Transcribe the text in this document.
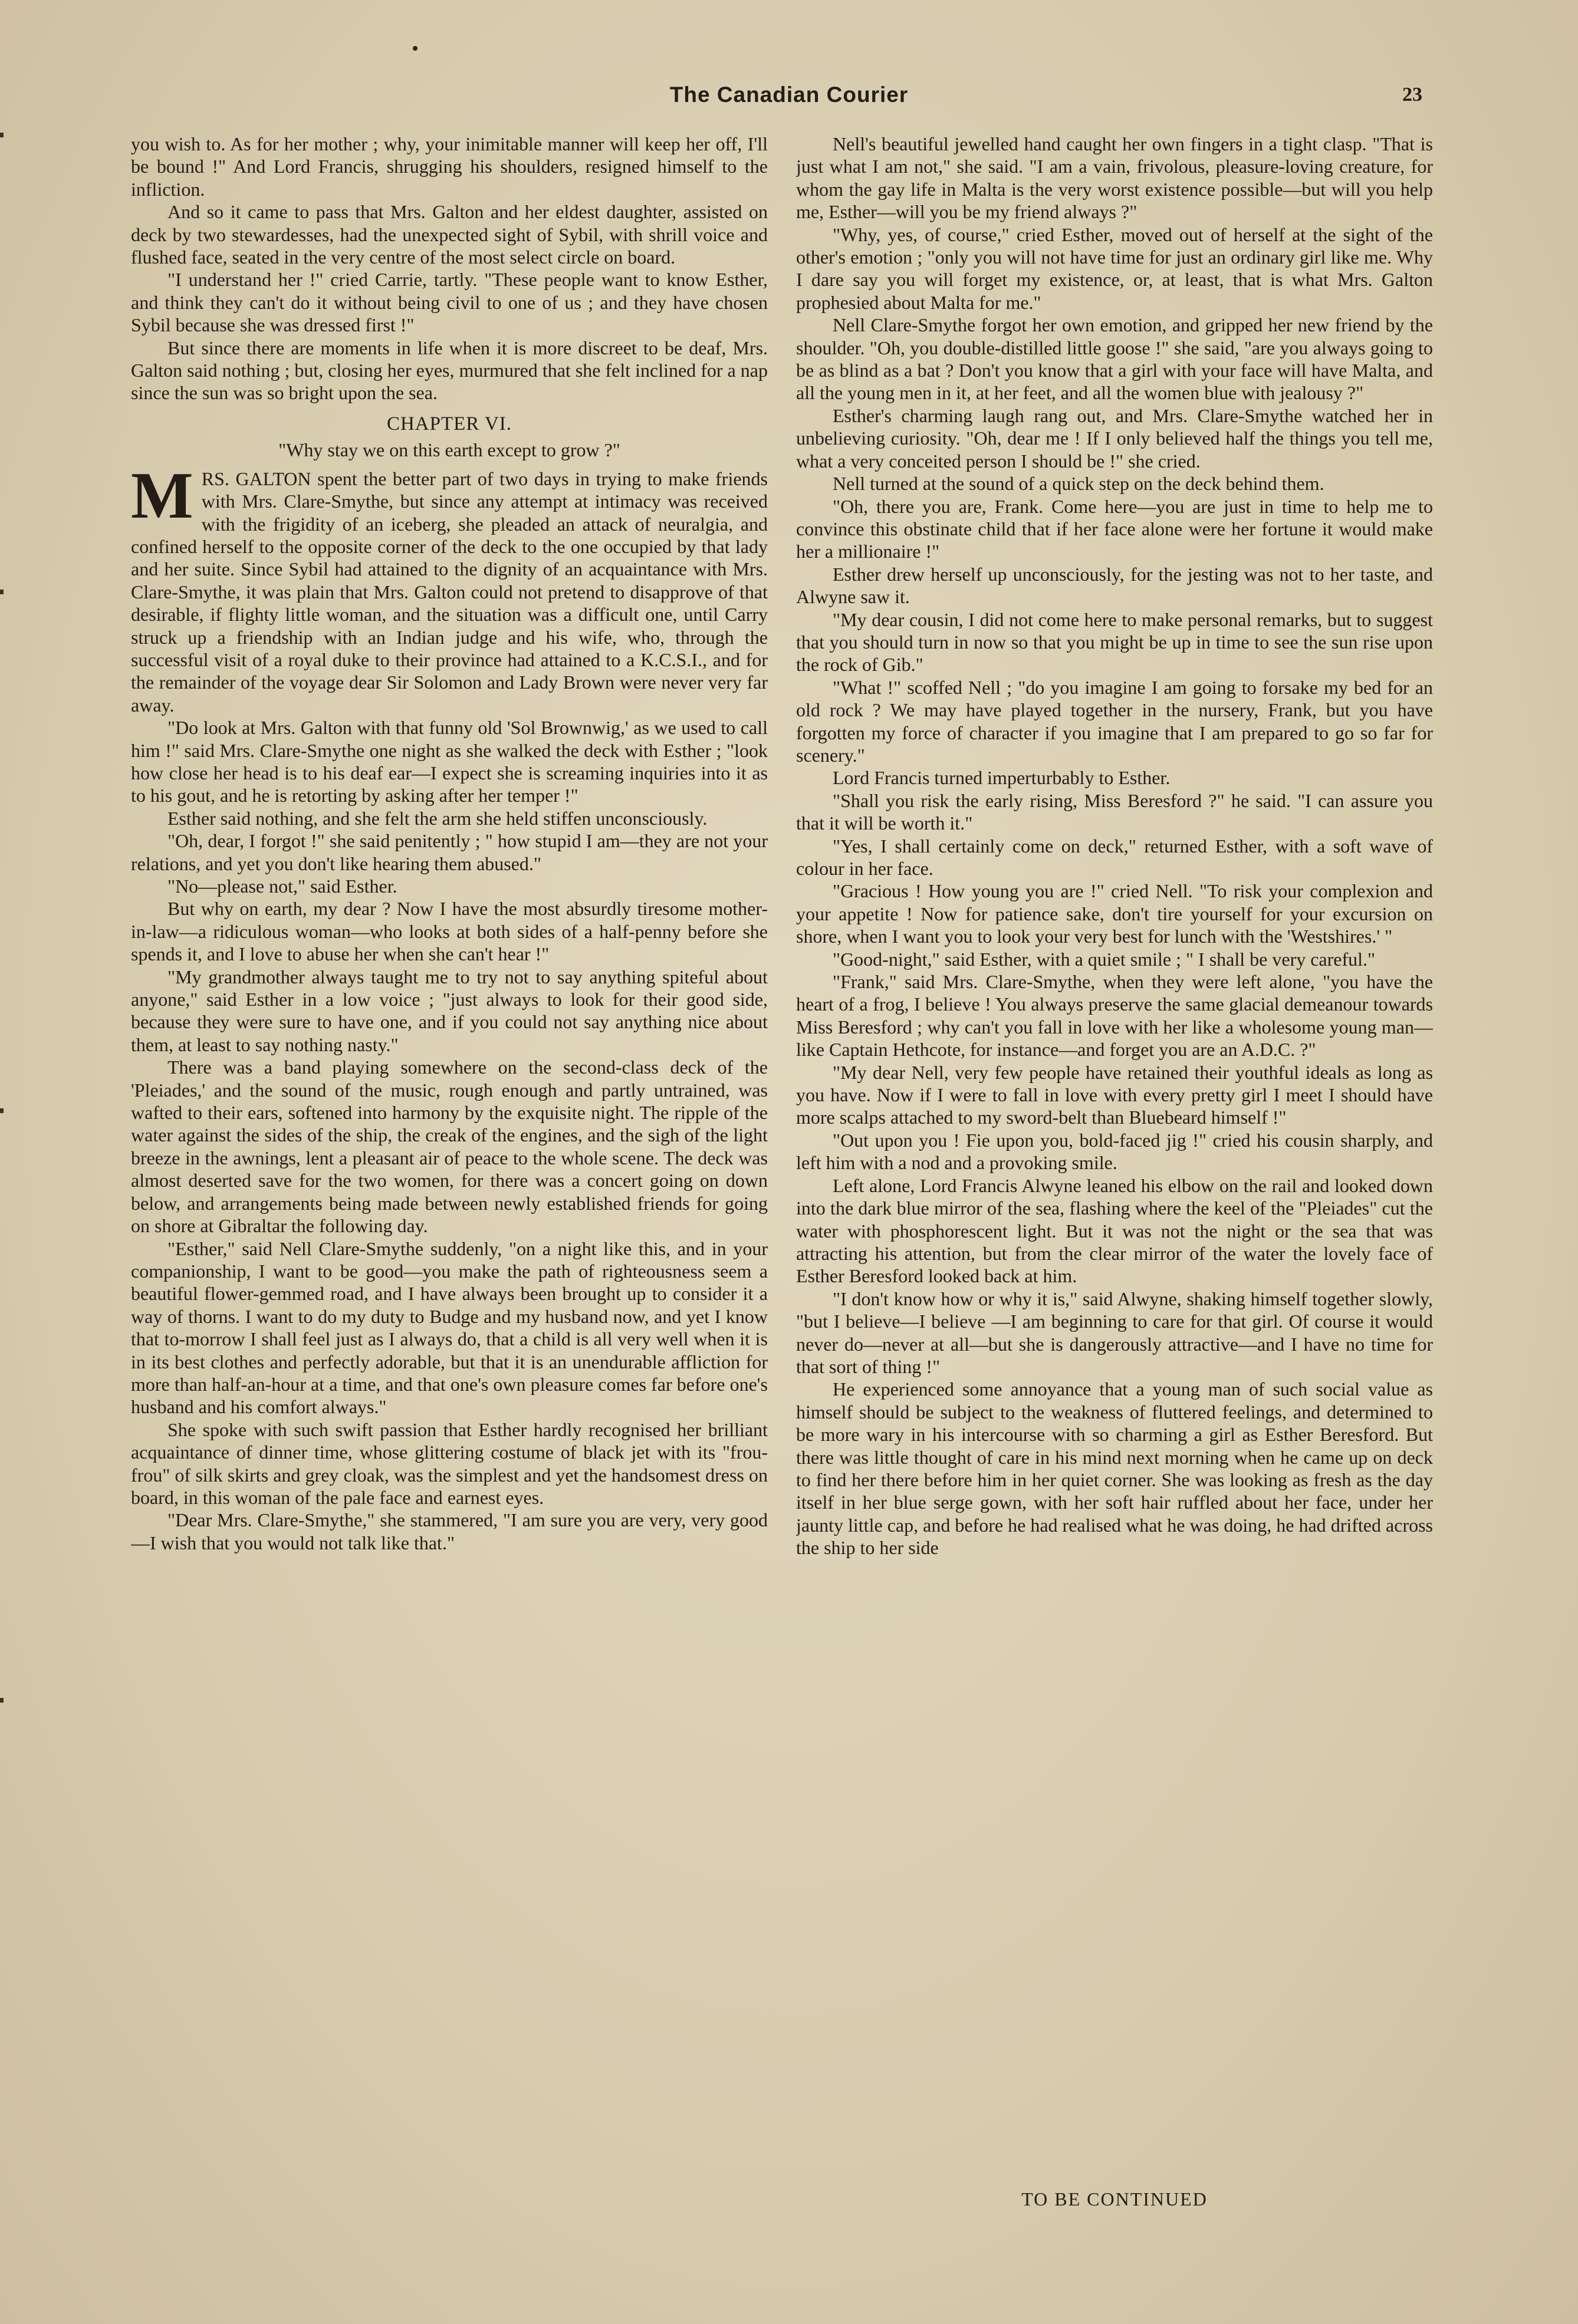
The Canadian Courier	23

you wish to. As for her mother ; why, your inimitable manner will keep her off, I'll be bound !" And Lord Francis, shrugging his shoulders, resigned himself to the infliction.

And so it came to pass that Mrs. Galton and her eldest daughter, assisted on deck by two stewardesses, had the unexpected sight of Sybil, with shrill voice and flushed face, seated in the very centre of the most select circle on board.

"I understand her !" cried Carrie, tartly. "These people want to know Esther, and think they can't do it without being civil to one of us ; and they have chosen Sybil because she was dressed first !"

But since there are moments in life when it is more discreet to be deaf, Mrs. Galton said nothing ; but, closing her eyes, murmured that she felt inclined for a nap since the sun was so bright upon the sea.

CHAPTER VI.
"Why stay we on this earth except to grow ?"

MRS. GALTON spent the better part of two days in trying to make friends with Mrs. Clare-Smythe, but since any attempt at intimacy was received with the frigidity of an iceberg, she pleaded an attack of neuralgia, and confined herself to the opposite corner of the deck to the one occupied by that lady and her suite. Since Sybil had attained to the dignity of an acquaintance with Mrs. Clare-Smythe, it was plain that Mrs. Galton could not pretend to disapprove of that desirable, if flighty little woman, and the situation was a difficult one, until Carry struck up a friendship with an Indian judge and his wife, who, through the successful visit of a royal duke to their province had attained to a K.C.S.I., and for the remainder of the voyage dear Sir Solomon and Lady Brown were never very far away.

"Do look at Mrs. Galton with that funny old 'Sol Brownwig,' as we used to call him !" said Mrs. Clare-Smythe one night as she walked the deck with Esther ; "look how close her head is to his deaf ear—I expect she is screaming inquiries into it as to his gout, and he is retorting by asking after her temper !"

Esther said nothing, and she felt the arm she held stiffen unconsciously.

"Oh, dear, I forgot !" she said penitently ; " how stupid I am—they are not your relations, and yet you don't like hearing them abused."

"No—please not," said Esther.

But why on earth, my dear ? Now I have the most absurdly tiresome mother-in-law—a ridiculous woman—who looks at both sides of a half-penny before she spends it, and I love to abuse her when she can't hear !"

"My grandmother always taught me to try not to say anything spiteful about anyone," said Esther in a low voice ; "just always to look for their good side, because they were sure to have one, and if you could not say anything nice about them, at least to say nothing nasty."

There was a band playing somewhere on the second-class deck of the 'Pleiades,' and the sound of the music, rough enough and partly untrained, was wafted to their ears, softened into harmony by the exquisite night. The ripple of the water against the sides of the ship, the creak of the engines, and the sigh of the light breeze in the awnings, lent a pleasant air of peace to the whole scene. The deck was almost deserted save for the two women, for there was a concert going on down below, and arrangements being made between newly established friends for going on shore at Gibraltar the following day.

"Esther," said Nell Clare-Smythe suddenly, "on a night like this, and in your companionship, I want to be good—you make the path of righteousness seem a beautiful flower-gemmed road, and I have always been brought up to consider it a way of thorns. I want to do my duty to Budge and my husband now, and yet I know that to-morrow I shall feel just as I always do, that a child is all very well when it is in its best clothes and perfectly adorable, but that it is an unendurable affliction for more than half-an-hour at a time, and that one's own pleasure comes far before one's husband and his comfort always."

She spoke with such swift passion that Esther hardly recognised her brilliant acquaintance of dinner time, whose glittering costume of black jet with its "frou-frou" of silk skirts and grey cloak, was the simplest and yet the handsomest dress on board, in this woman of the pale face and earnest eyes.

"Dear Mrs. Clare-Smythe," she stammered, "I am sure you are very, very good—I wish that you would not talk like that."

Nell's beautiful jewelled hand caught her own fingers in a tight clasp. "That is just what I am not," she said. "I am a vain, frivolous, pleasure-loving creature, for whom the gay life in Malta is the very worst existence possible—but will you help me, Esther—will you be my friend always ?"

"Why, yes, of course," cried Esther, moved out of herself at the sight of the other's emotion ; "only you will not have time for just an ordinary girl like me. Why I dare say you will forget my existence, or, at least, that is what Mrs. Galton prophesied about Malta for me."

Nell Clare-Smythe forgot her own emotion, and gripped her new friend by the shoulder. "Oh, you double-distilled little goose !" she said, "are you always going to be as blind as a bat ? Don't you know that a girl with your face will have Malta, and all the young men in it, at her feet, and all the women blue with jealousy ?"

Esther's charming laugh rang out, and Mrs. Clare-Smythe watched her in unbelieving curiosity. "Oh, dear me ! If I only believed half the things you tell me, what a very conceited person I should be !" she cried.

Nell turned at the sound of a quick step on the deck behind them.

"Oh, there you are, Frank. Come here—you are just in time to help me to convince this obstinate child that if her face alone were her fortune it would make her a millionaire !"

Esther drew herself up unconsciously, for the jesting was not to her taste, and Alwyne saw it.

"My dear cousin, I did not come here to make personal remarks, but to suggest that you should turn in now so that you might be up in time to see the sun rise upon the rock of Gib."

"What !" scoffed Nell ; "do you imagine I am going to forsake my bed for an old rock ? We may have played together in the nursery, Frank, but you have forgotten my force of character if you imagine that I am prepared to go so far for scenery."

Lord Francis turned imperturbably to Esther.

"Shall you risk the early rising, Miss Beresford ?" he said. "I can assure you that it will be worth it."

"Yes, I shall certainly come on deck," returned Esther, with a soft wave of colour in her face.

"Gracious ! How young you are !" cried Nell. "To risk your complexion and your appetite ! Now for patience sake, don't tire yourself for your excursion on shore, when I want you to look your very best for lunch with the 'Westshires.' "

"Good-night," said Esther, with a quiet smile ; " I shall be very careful."

"Frank," said Mrs. Clare-Smythe, when they were left alone, "you have the heart of a frog, I believe ! You always preserve the same glacial demeanour towards Miss Beresford ; why can't you fall in love with her like a wholesome young man—like Captain Hethcote, for instance—and forget you are an A.D.C. ?"

"My dear Nell, very few people have retained their youthful ideals as long as you have. Now if I were to fall in love with every pretty girl I meet I should have more scalps attached to my sword-belt than Bluebeard himself !"

"Out upon you ! Fie upon you, bold-faced jig !" cried his cousin sharply, and left him with a nod and a provoking smile.

Left alone, Lord Francis Alwyne leaned his elbow on the rail and looked down into the dark blue mirror of the sea, flashing where the keel of the "Pleiades" cut the water with phosphorescent light. But it was not the night or the sea that was attracting his attention, but from the clear mirror of the water the lovely face of Esther Beresford looked back at him.

"I don't know how or why it is," said Alwyne, shaking himself together slowly, "but I believe—I believe —I am beginning to care for that girl. Of course it would never do—never at all—but she is dangerously attractive—and I have no time for that sort of thing !"

He experienced some annoyance that a young man of such social value as himself should be subject to the weakness of fluttered feelings, and determined to be more wary in his intercourse with so charming a girl as Esther Beresford. But there was little thought of care in his mind next morning when he came up on deck to find her there before him in her quiet corner. She was looking as fresh as the day itself in her blue serge gown, with her soft hair ruffled about her face, under her jaunty little cap, and before he had realised what he was doing, he had drifted across the ship to her side

TO BE CONTINUED
